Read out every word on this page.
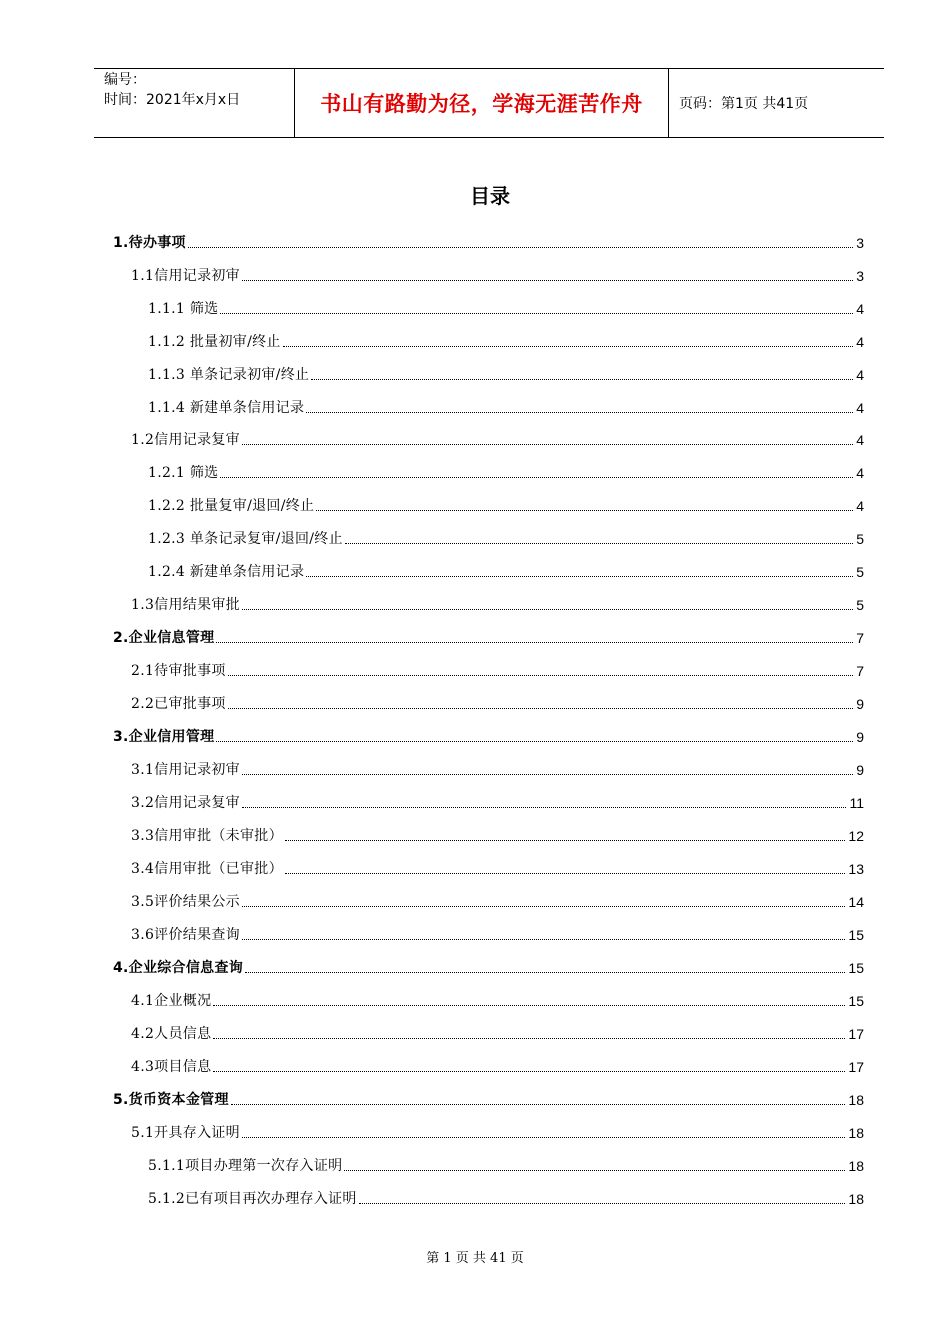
编号：
时间：2021年x月x日	书山有路勤为径，学海无涯苦作舟	页码：第1页 共41页
目录
1.待办事项	3
1.1信用记录初审	3
1.1.1 筛选	4
1.1.2 批量初审/终止	4
1.1.3 单条记录初审/终止	4
1.1.4 新建单条信用记录	4
1.2信用记录复审	4
1.2.1 筛选	4
1.2.2 批量复审/退回/终止	4
1.2.3 单条记录复审/退回/终止	5
1.2.4 新建单条信用记录	5
1.3信用结果审批	5
2.企业信息管理	7
2.1待审批事项	7
2.2已审批事项	9
3.企业信用管理	9
3.1信用记录初审	9
3.2信用记录复审	11
3.3信用审批（未审批）	12
3.4信用审批（已审批）	13
3.5评价结果公示	14
3.6评价结果查询	15
4.企业综合信息查询	15
4.1企业概况	15
4.2人员信息	17
4.3项目信息	17
5.货币资本金管理	18
5.1开具存入证明	18
5.1.1项目办理第一次存入证明	18
5.1.2已有项目再次办理存入证明	18
第 1 页 共 41 页
